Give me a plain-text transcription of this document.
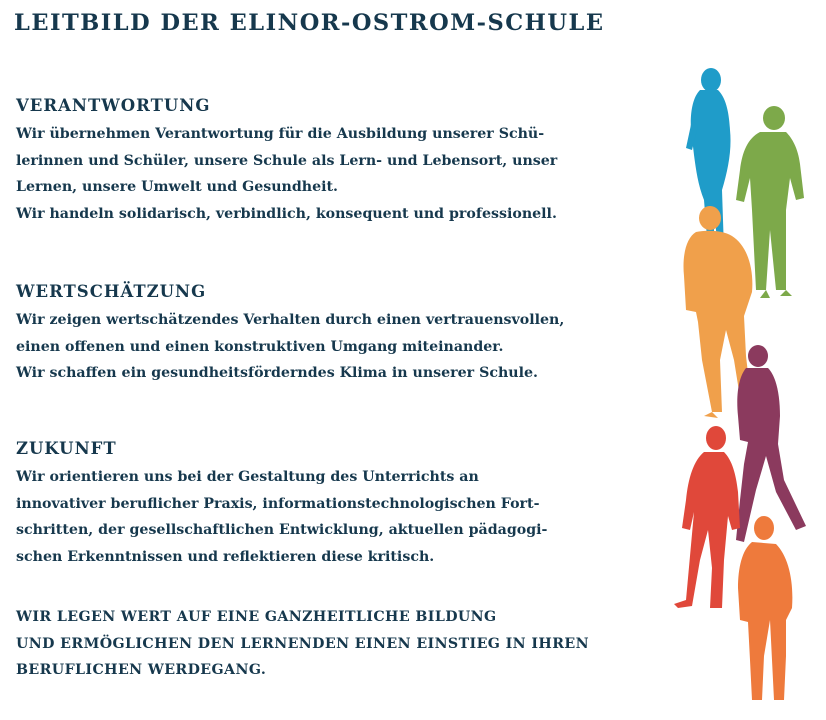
LEITBILD DER ELINOR-OSTROM-SCHULE
VERANTWORTUNG
Wir übernehmen Verantwortung für die Ausbildung unserer Schü-
lerinnen und Schüler, unsere Schule als Lern- und Lebensort, unser
Lernen, unsere Umwelt und Gesundheit.
Wir handeln solidarisch, verbindlich, konsequent und professionell.
WERTSCHÄTZUNG
Wir zeigen wertschätzendes Verhalten durch einen vertrauensvollen,
einen offenen und einen konstruktiven Umgang miteinander.
Wir schaffen ein gesundheitsförderndes Klima in unserer Schule.
ZUKUNFT
Wir orientieren uns bei der Gestaltung des Unterrichts an
innovativer beruflicher Praxis, informationstechnologischen Fort-
schritten, der gesellschaftlichen Entwicklung, aktuellen pädagogi-
schen Erkenntnissen und reflektieren diese kritisch.
WIR LEGEN WERT AUF EINE GANZHEITLICHE BILDUNG
UND ERMÖGLICHEN DEN LERNENDEN EINEN EINSTIEG IN IHREN
BERUFLICHEN WERDEGANG.
